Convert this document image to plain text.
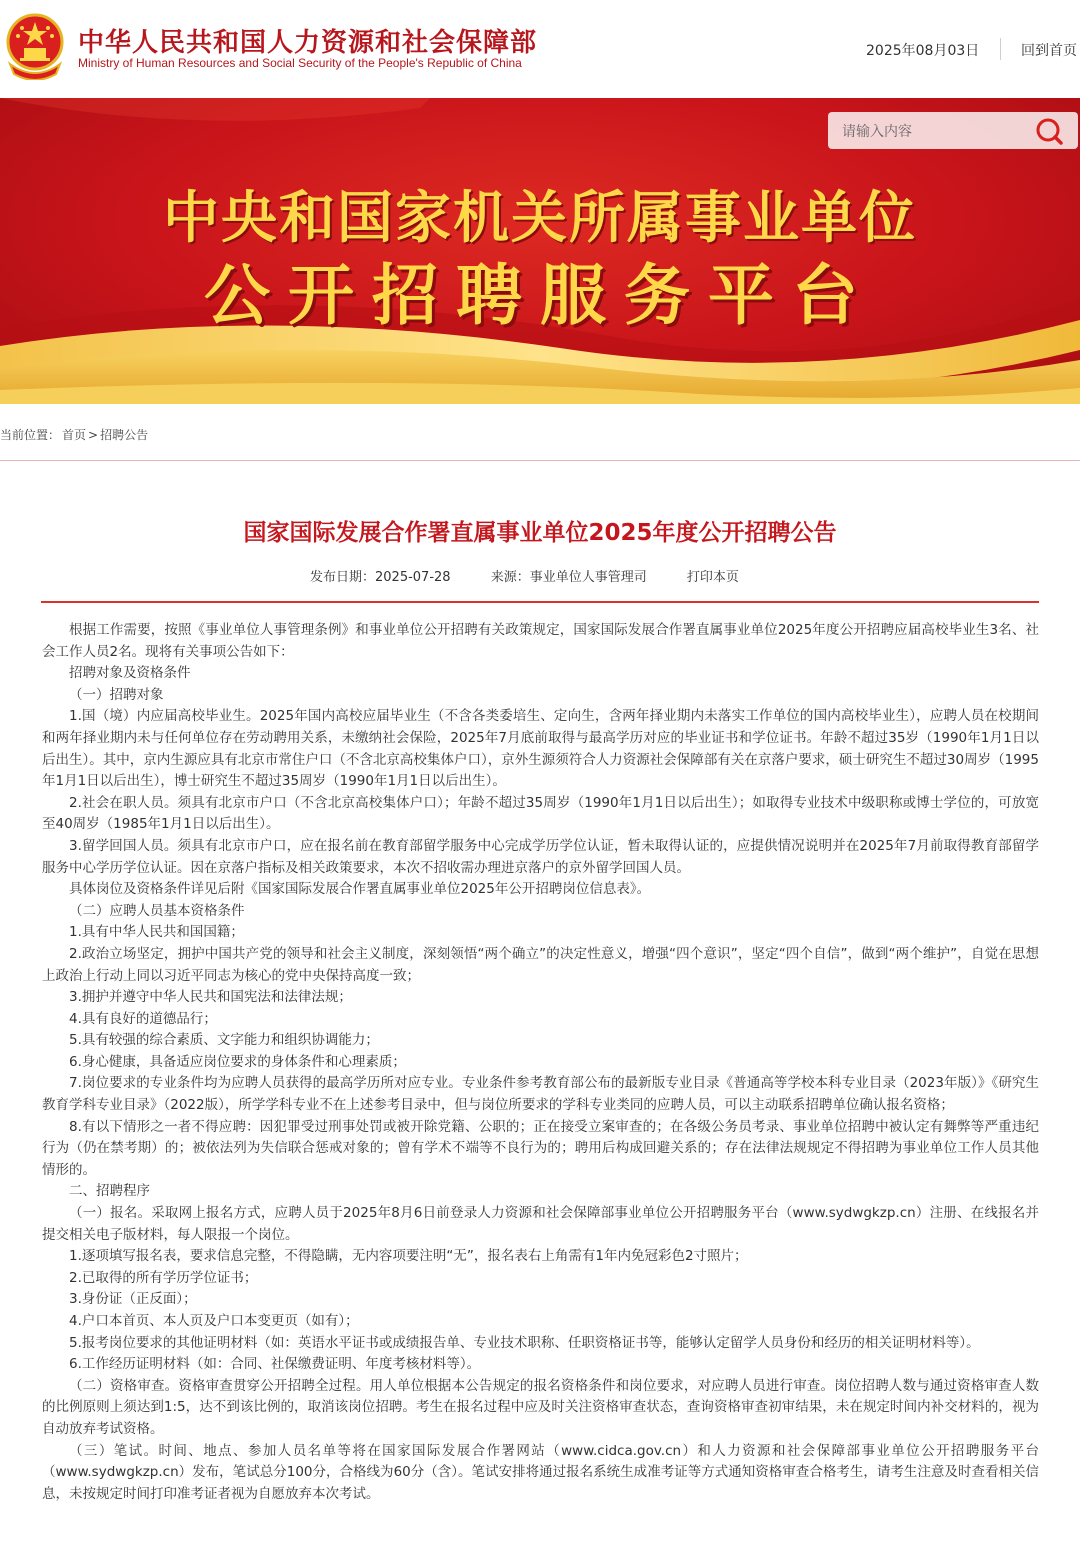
中华人民共和国人力资源和社会保障部
Ministry of Human Resources and Social Security of the People's Republic of China
2025年08月03日	回到首页
请输入内容
中央和国家机关所属事业单位
公开招聘服务平台
当前位置： 首页 > 招聘公告
国家国际发展合作署直属事业单位2025年度公开招聘公告
发布日期：2025-07-28	来源：事业单位人事管理司	打印本页

根据工作需要，按照《事业单位人事管理条例》和事业单位公开招聘有关政策规定，国家国际发展合作署直属事业单位2025年度公开招聘应届高校毕业生3名、社会工作人员2名。现将有关事项公告如下：

招聘对象及资格条件

（一）招聘对象

1.国（境）内应届高校毕业生。2025年国内高校应届毕业生（不含各类委培生、定向生，含两年择业期内未落实工作单位的国内高校毕业生），应聘人员在校期间和两年择业期内未与任何单位存在劳动聘用关系，未缴纳社会保险，2025年7月底前取得与最高学历对应的毕业证书和学位证书。年龄不超过35岁（1990年1月1日以后出生）。其中，京内生源应具有北京市常住户口（不含北京高校集体户口），京外生源须符合人力资源社会保障部有关在京落户要求，硕士研究生不超过30周岁（1995年1月1日以后出生），博士研究生不超过35周岁（1990年1月1日以后出生）。

2.社会在职人员。须具有北京市户口（不含北京高校集体户口）；年龄不超过35周岁（1990年1月1日以后出生）；如取得专业技术中级职称或博士学位的，可放宽至40周岁（1985年1月1日以后出生）。

3.留学回国人员。须具有北京市户口，应在报名前在教育部留学服务中心完成学历学位认证，暂未取得认证的，应提供情况说明并在2025年7月前取得教育部留学服务中心学历学位认证。因在京落户指标及相关政策要求，本次不招收需办理进京落户的京外留学回国人员。

具体岗位及资格条件详见后附《国家国际发展合作署直属事业单位2025年公开招聘岗位信息表》。

（二）应聘人员基本资格条件

1.具有中华人民共和国国籍；

2.政治立场坚定，拥护中国共产党的领导和社会主义制度，深刻领悟“两个确立”的决定性意义，增强“四个意识”，坚定“四个自信”，做到“两个维护”，自觉在思想上政治上行动上同以习近平同志为核心的党中央保持高度一致；

3.拥护并遵守中华人民共和国宪法和法律法规；

4.具有良好的道德品行；

5.具有较强的综合素质、文字能力和组织协调能力；

6.身心健康，具备适应岗位要求的身体条件和心理素质；

7.岗位要求的专业条件均为应聘人员获得的最高学历所对应专业。专业条件参考教育部公布的最新版专业目录《普通高等学校本科专业目录（2023年版）》《研究生教育学科专业目录》（2022版），所学学科专业不在上述参考目录中，但与岗位所要求的学科专业类同的应聘人员，可以主动联系招聘单位确认报名资格；

8.有以下情形之一者不得应聘：因犯罪受过刑事处罚或被开除党籍、公职的；正在接受立案审查的；在各级公务员考录、事业单位招聘中被认定有舞弊等严重违纪行为（仍在禁考期）的；被依法列为失信联合惩戒对象的；曾有学术不端等不良行为的；聘用后构成回避关系的；存在法律法规规定不得招聘为事业单位工作人员其他情形的。

二、招聘程序

（一）报名。采取网上报名方式，应聘人员于2025年8月6日前登录人力资源和社会保障部事业单位公开招聘服务平台（www.sydwgkzp.cn）注册、在线报名并提交相关电子版材料，每人限报一个岗位。

1.逐项填写报名表，要求信息完整，不得隐瞒，无内容项要注明“无”，报名表右上角需有1年内免冠彩色2寸照片；

2.已取得的所有学历学位证书；

3.身份证（正反面）；

4.户口本首页、本人页及户口本变更页（如有）；

5.报考岗位要求的其他证明材料（如：英语水平证书或成绩报告单、专业技术职称、任职资格证书等，能够认定留学人员身份和经历的相关证明材料等）。

6.工作经历证明材料（如：合同、社保缴费证明、年度考核材料等）。

（二）资格审查。资格审查贯穿公开招聘全过程。用人单位根据本公告规定的报名资格条件和岗位要求，对应聘人员进行审查。岗位招聘人数与通过资格审查人数的比例原则上须达到1:5，达不到该比例的，取消该岗位招聘。考生在报名过程中应及时关注资格审查状态，查询资格审查初审结果，未在规定时间内补交材料的，视为自动放弃考试资格。

（三）笔试。时间、地点、参加人员名单等将在国家国际发展合作署网站（www.cidca.gov.cn）和人力资源和社会保障部事业单位公开招聘服务平台（www.sydwgkzp.cn）发布，笔试总分100分，合格线为60分（含）。笔试安排将通过报名系统生成准考证等方式通知资格审查合格考生，请考生注意及时查看相关信息，未按规定时间打印准考证者视为自愿放弃本次考试。
